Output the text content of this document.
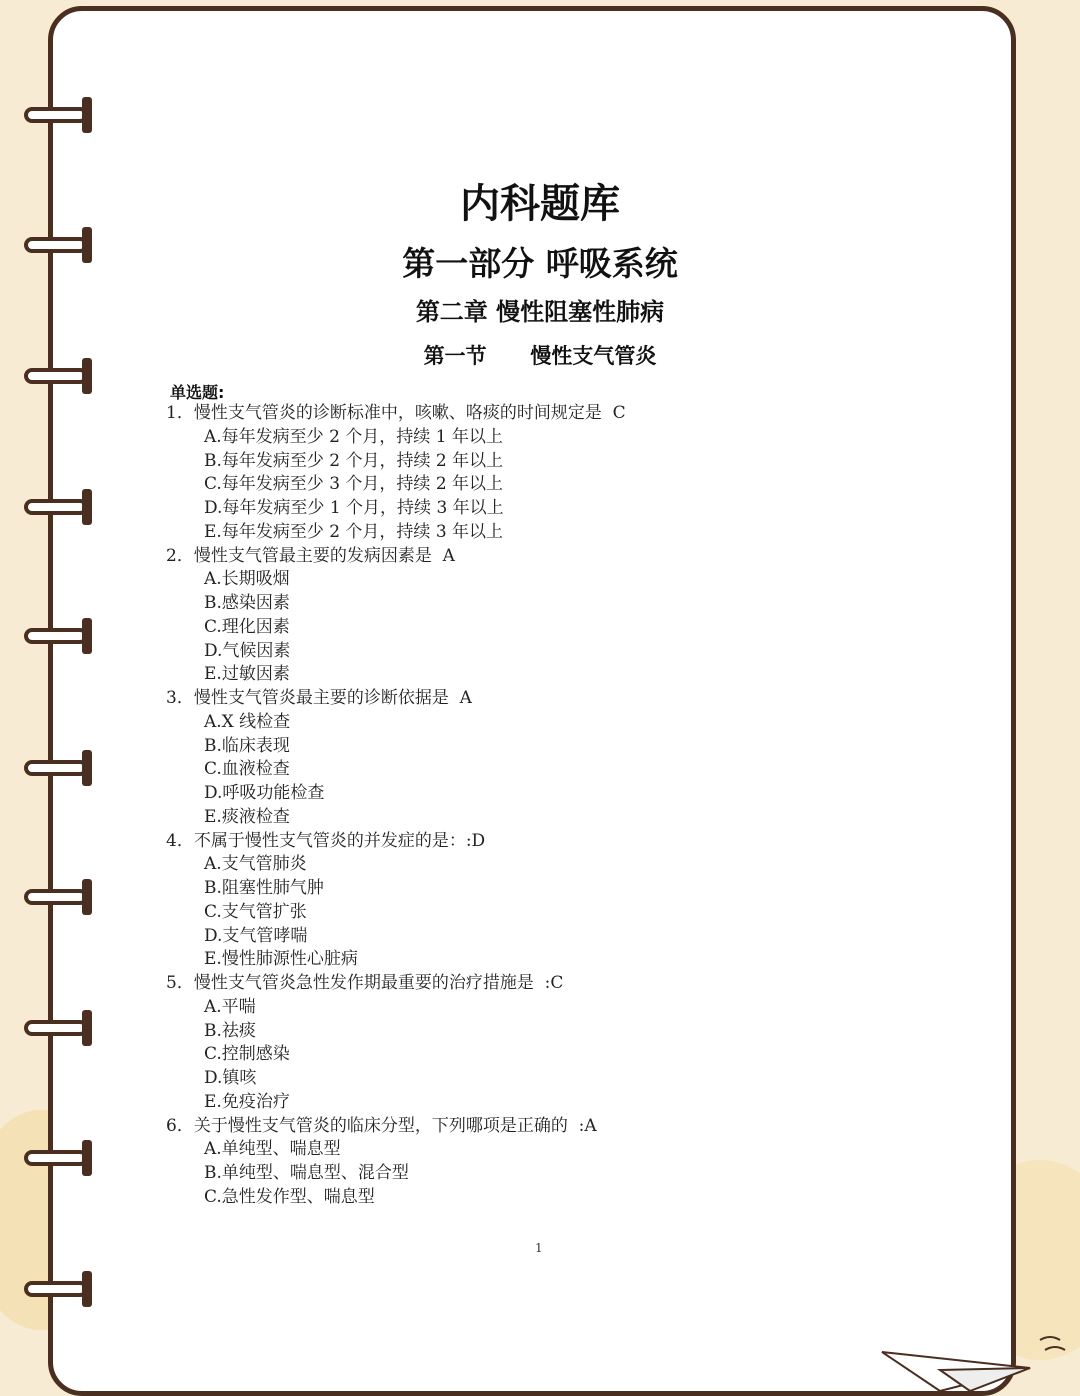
内科题库
第一部分 呼吸系统
第二章 慢性阻塞性肺病
第一节      慢性支气管炎
单选题:
1．慢性支气管炎的诊断标准中，咳嗽、咯痰的时间规定是  C
A.每年发病至少 2 个月，持续 1 年以上
B.每年发病至少 2 个月，持续 2 年以上
C.每年发病至少 3 个月，持续 2 年以上
D.每年发病至少 1 个月，持续 3 年以上
E.每年发病至少 2 个月，持续 3 年以上
2．慢性支气管最主要的发病因素是  A
A.长期吸烟
B.感染因素
C.理化因素
D.气候因素
E.过敏因素
3．慢性支气管炎最主要的诊断依据是  A
A.X 线检查
B.临床表现
C.血液检查
D.呼吸功能检查
E.痰液检查
4．不属于慢性支气管炎的并发症的是：:D
A.支气管肺炎
B.阻塞性肺气肿
C.支气管扩张
D.支气管哮喘
E.慢性肺源性心脏病
5．慢性支气管炎急性发作期最重要的治疗措施是  :C
A.平喘
B.祛痰
C.控制感染
D.镇咳
E.免疫治疗
6．关于慢性支气管炎的临床分型，下列哪项是正确的  :A
A.单纯型、喘息型
B.单纯型、喘息型、混合型
C.急性发作型、喘息型
1
